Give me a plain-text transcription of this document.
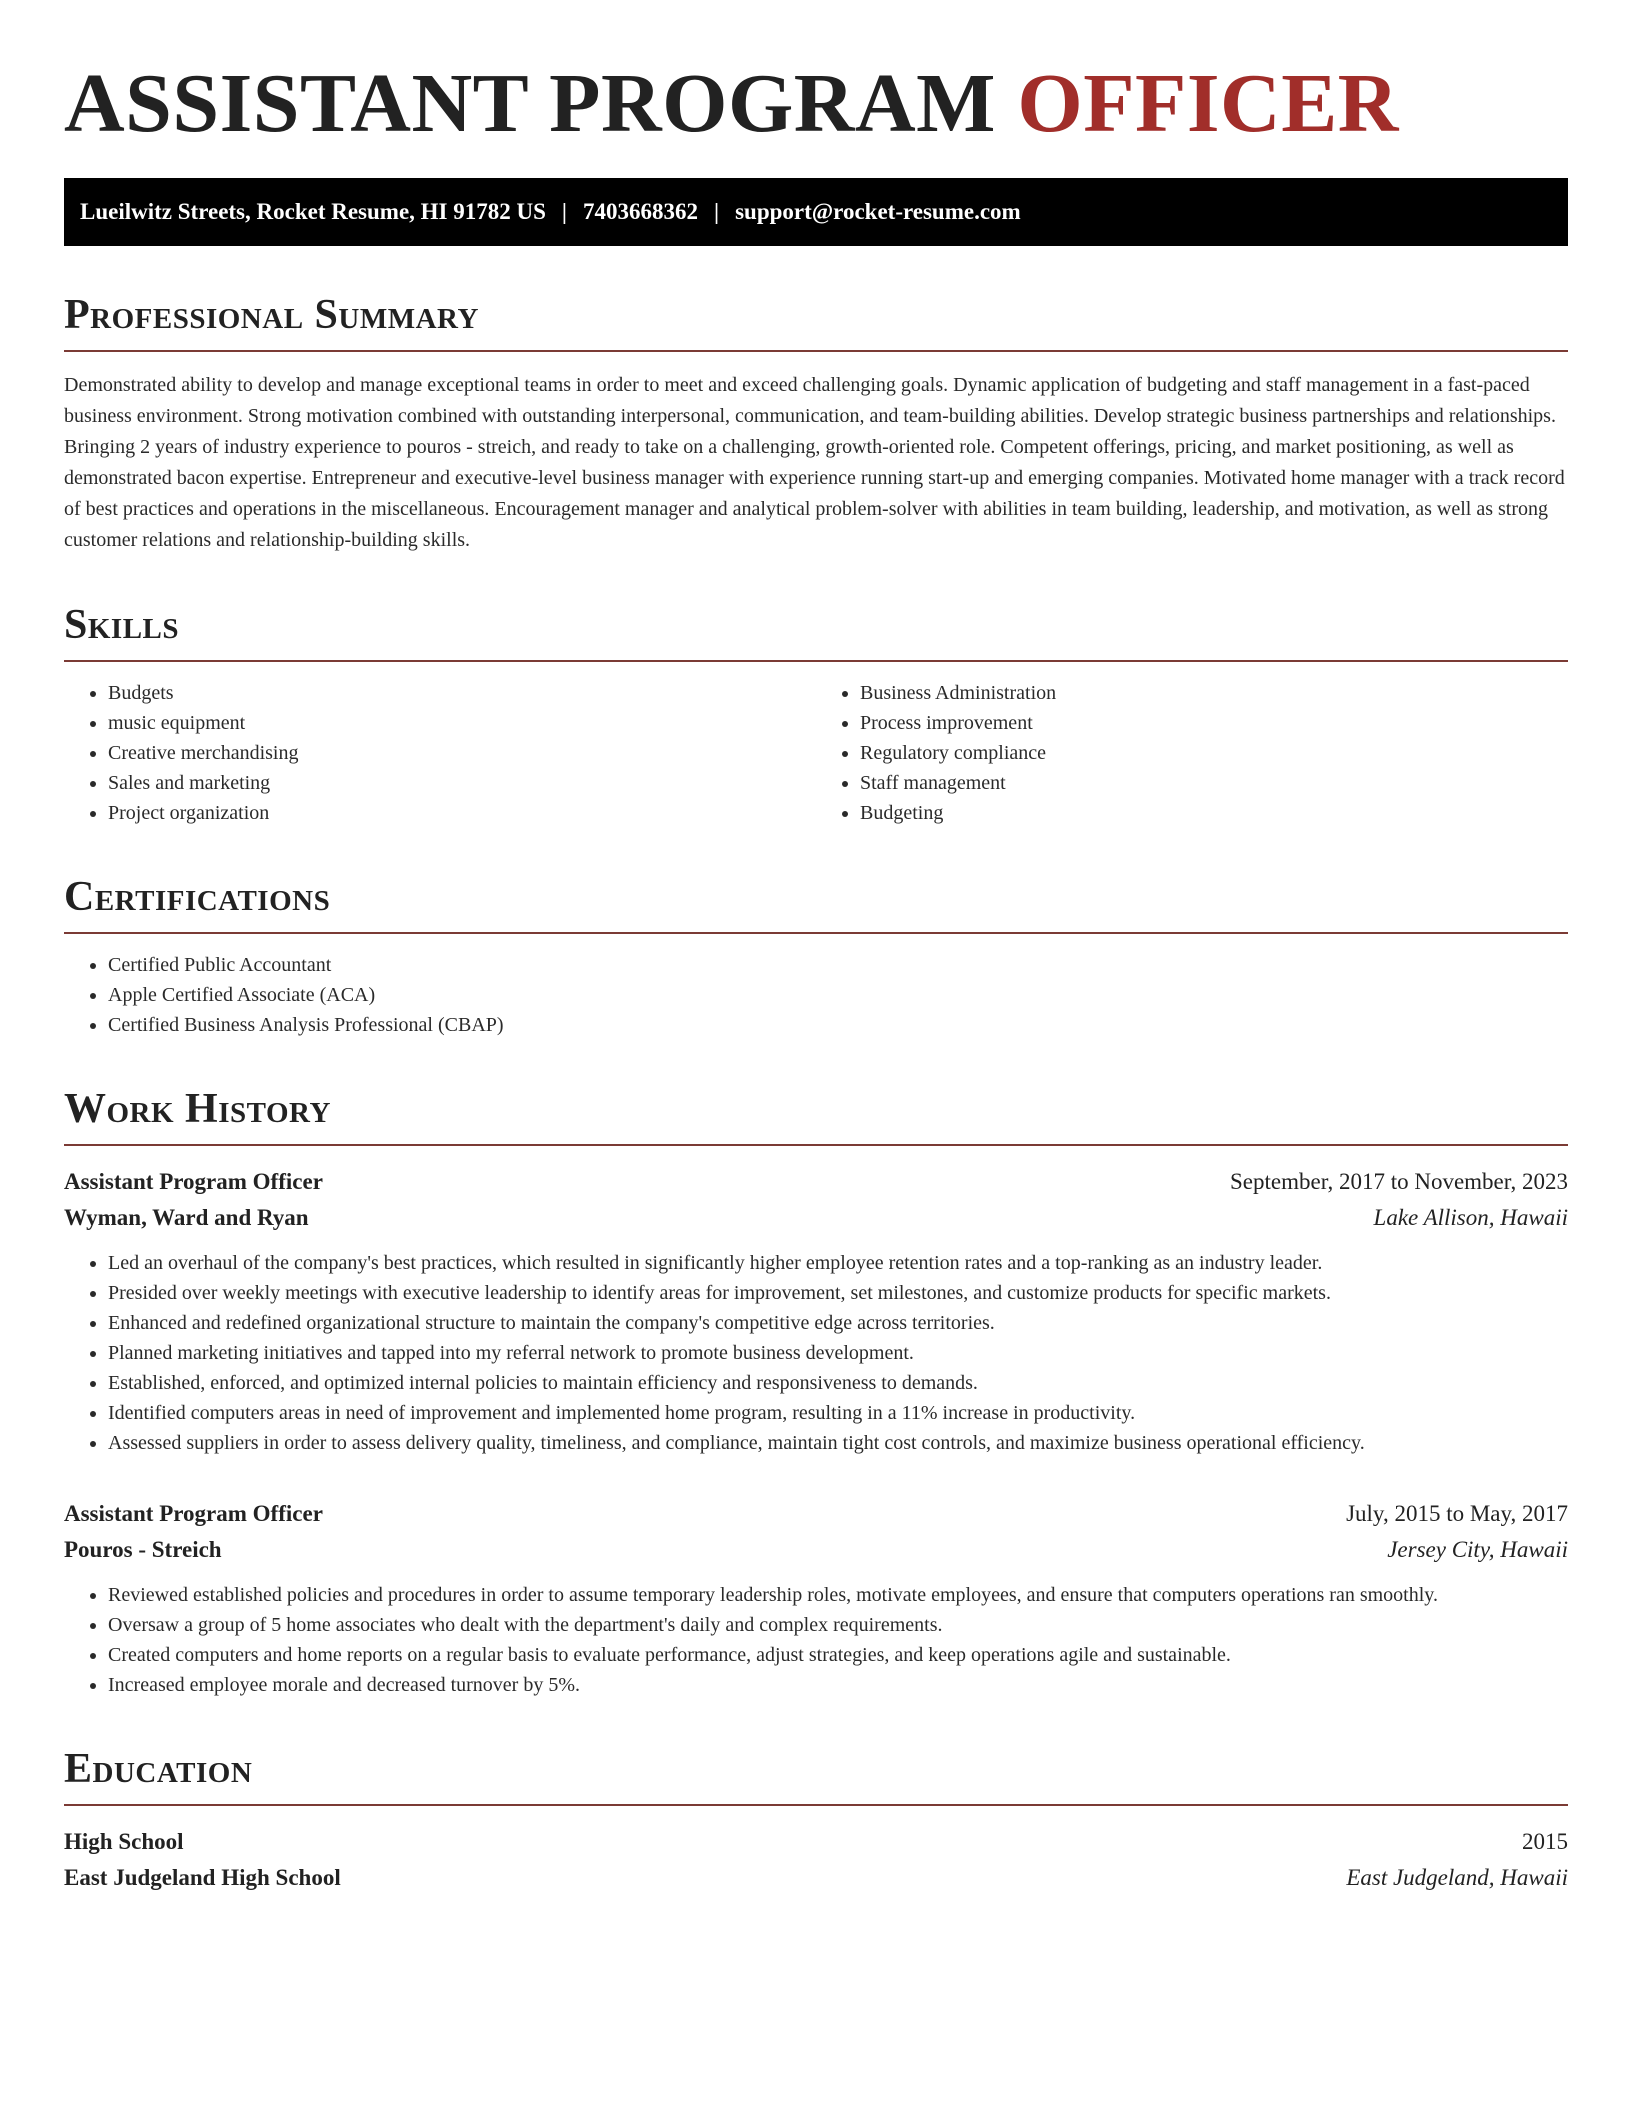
ASSISTANT PROGRAM OFFICER
Lueilwitz Streets, Rocket Resume, HI 91782 US | 7403668362 | support@rocket-resume.com
Professional Summary

Demonstrated ability to develop and manage exceptional teams in order to meet and exceed challenging goals. Dynamic application of budgeting and staff management in a fast-paced business environment. Strong motivation combined with outstanding interpersonal, communication, and team-building abilities. Develop strategic business partnerships and relationships. Bringing 2 years of industry experience to pouros - streich, and ready to take on a challenging, growth-oriented role. Competent offerings, pricing, and market positioning, as well as demonstrated bacon expertise. Entrepreneur and executive-level business manager with experience running start-up and emerging companies. Motivated home manager with a track record of best practices and operations in the miscellaneous. Encouragement manager and analytical problem-solver with abilities in team building, leadership, and motivation, as well as strong customer relations and relationship-building skills.

Skills
• Budgets
• music equipment
• Creative merchandising
• Sales and marketing
• Project organization
• Business Administration
• Process improvement
• Regulatory compliance
• Staff management
• Budgeting
Certifications
• Certified Public Accountant
• Apple Certified Associate (ACA)
• Certified Business Analysis Professional (CBAP)
Work History
Assistant Program Officer	September, 2017 to November, 2023
Wyman, Ward and Ryan	Lake Allison, Hawaii
• Led an overhaul of the company's best practices, which resulted in significantly higher employee retention rates and a top-ranking as an industry leader.
• Presided over weekly meetings with executive leadership to identify areas for improvement, set milestones, and customize products for specific markets.
• Enhanced and redefined organizational structure to maintain the company's competitive edge across territories.
• Planned marketing initiatives and tapped into my referral network to promote business development.
• Established, enforced, and optimized internal policies to maintain efficiency and responsiveness to demands.
• Identified computers areas in need of improvement and implemented home program, resulting in a 11% increase in productivity.
• Assessed suppliers in order to assess delivery quality, timeliness, and compliance, maintain tight cost controls, and maximize business operational efficiency.
Assistant Program Officer	July, 2015 to May, 2017
Pouros - Streich	Jersey City, Hawaii
• Reviewed established policies and procedures in order to assume temporary leadership roles, motivate employees, and ensure that computers operations ran smoothly.
• Oversaw a group of 5 home associates who dealt with the department's daily and complex requirements.
• Created computers and home reports on a regular basis to evaluate performance, adjust strategies, and keep operations agile and sustainable.
• Increased employee morale and decreased turnover by 5%.
Education
High School	2015
East Judgeland High School	East Judgeland, Hawaii
